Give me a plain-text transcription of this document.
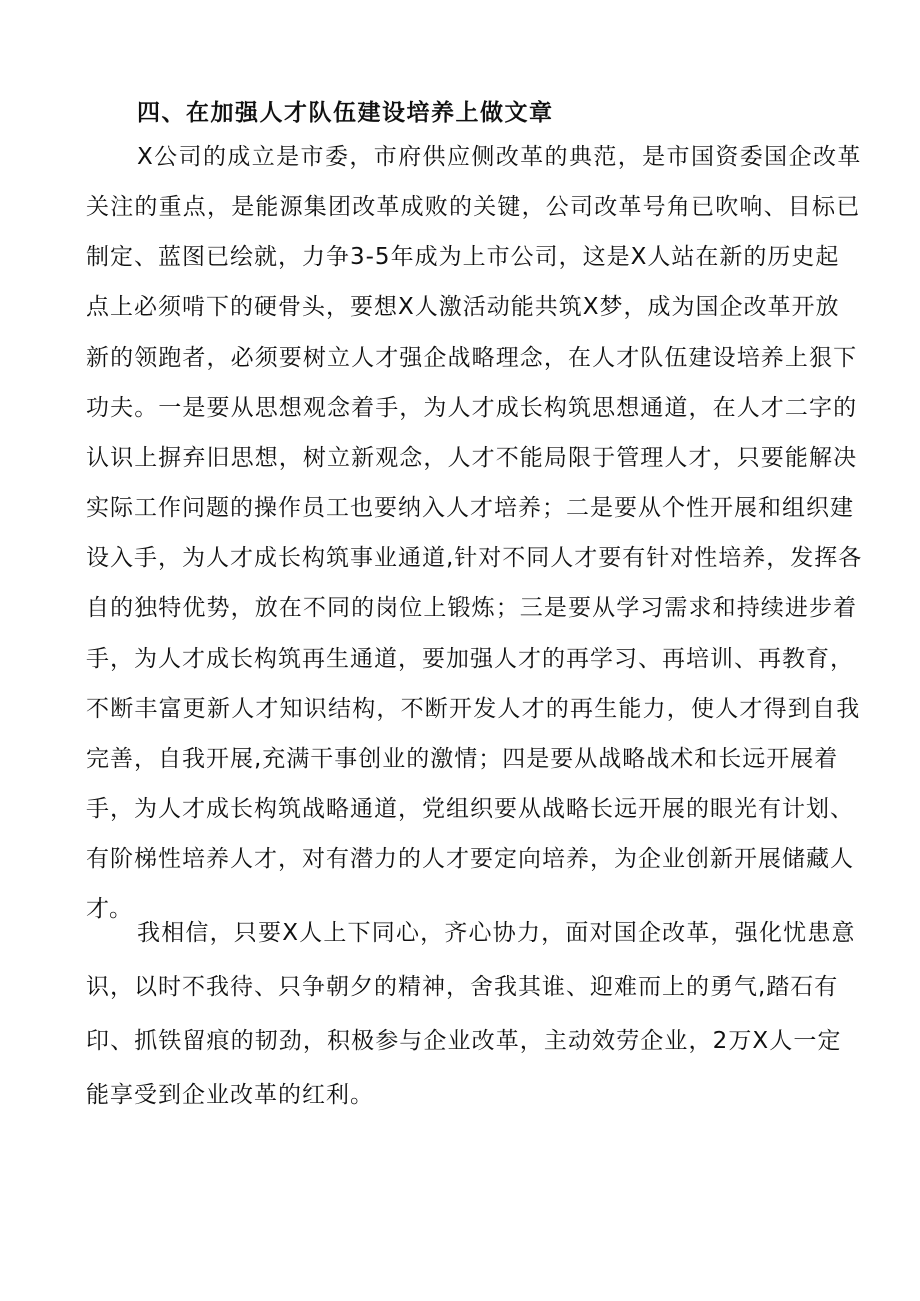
四、在加强人才队伍建设培养上做文章
X公司的成立是市委，市府供应侧改革的典范，是市国资委国企改革
关注的重点，是能源集团改革成败的关键，公司改革号角已吹响、目标已
制定、蓝图已绘就，力争3-5年成为上市公司，这是X人站在新的历史起
点上必须啃下的硬骨头，要想X人激活动能共筑X梦，成为国企改革开放
新的领跑者，必须要树立人才强企战略理念，在人才队伍建设培养上狠下
功夫。一是要从思想观念着手，为人才成长构筑思想通道，在人才二字的
认识上摒弃旧思想，树立新观念，人才不能局限于管理人才，只要能解决
实际工作问题的操作员工也要纳入人才培养；二是要从个性开展和组织建
设入手，为人才成长构筑事业通道,针对不同人才要有针对性培养，发挥各
自的独特优势，放在不同的岗位上锻炼；三是要从学习需求和持续进步着
手，为人才成长构筑再生通道，要加强人才的再学习、再培训、再教育，
不断丰富更新人才知识结构，不断开发人才的再生能力，使人才得到自我
完善，自我开展,充满干事创业的激情；四是要从战略战术和长远开展着
手，为人才成长构筑战略通道，党组织要从战略长远开展的眼光有计划、
有阶梯性培养人才，对有潜力的人才要定向培养，为企业创新开展储藏人
才。
我相信，只要X人上下同心，齐心协力，面对国企改革，强化忧患意
识，以时不我待、只争朝夕的精神，舍我其谁、迎难而上的勇气,踏石有
印、抓铁留痕的韧劲，积极参与企业改革，主动效劳企业，2万X人一定
能享受到企业改革的红利。
